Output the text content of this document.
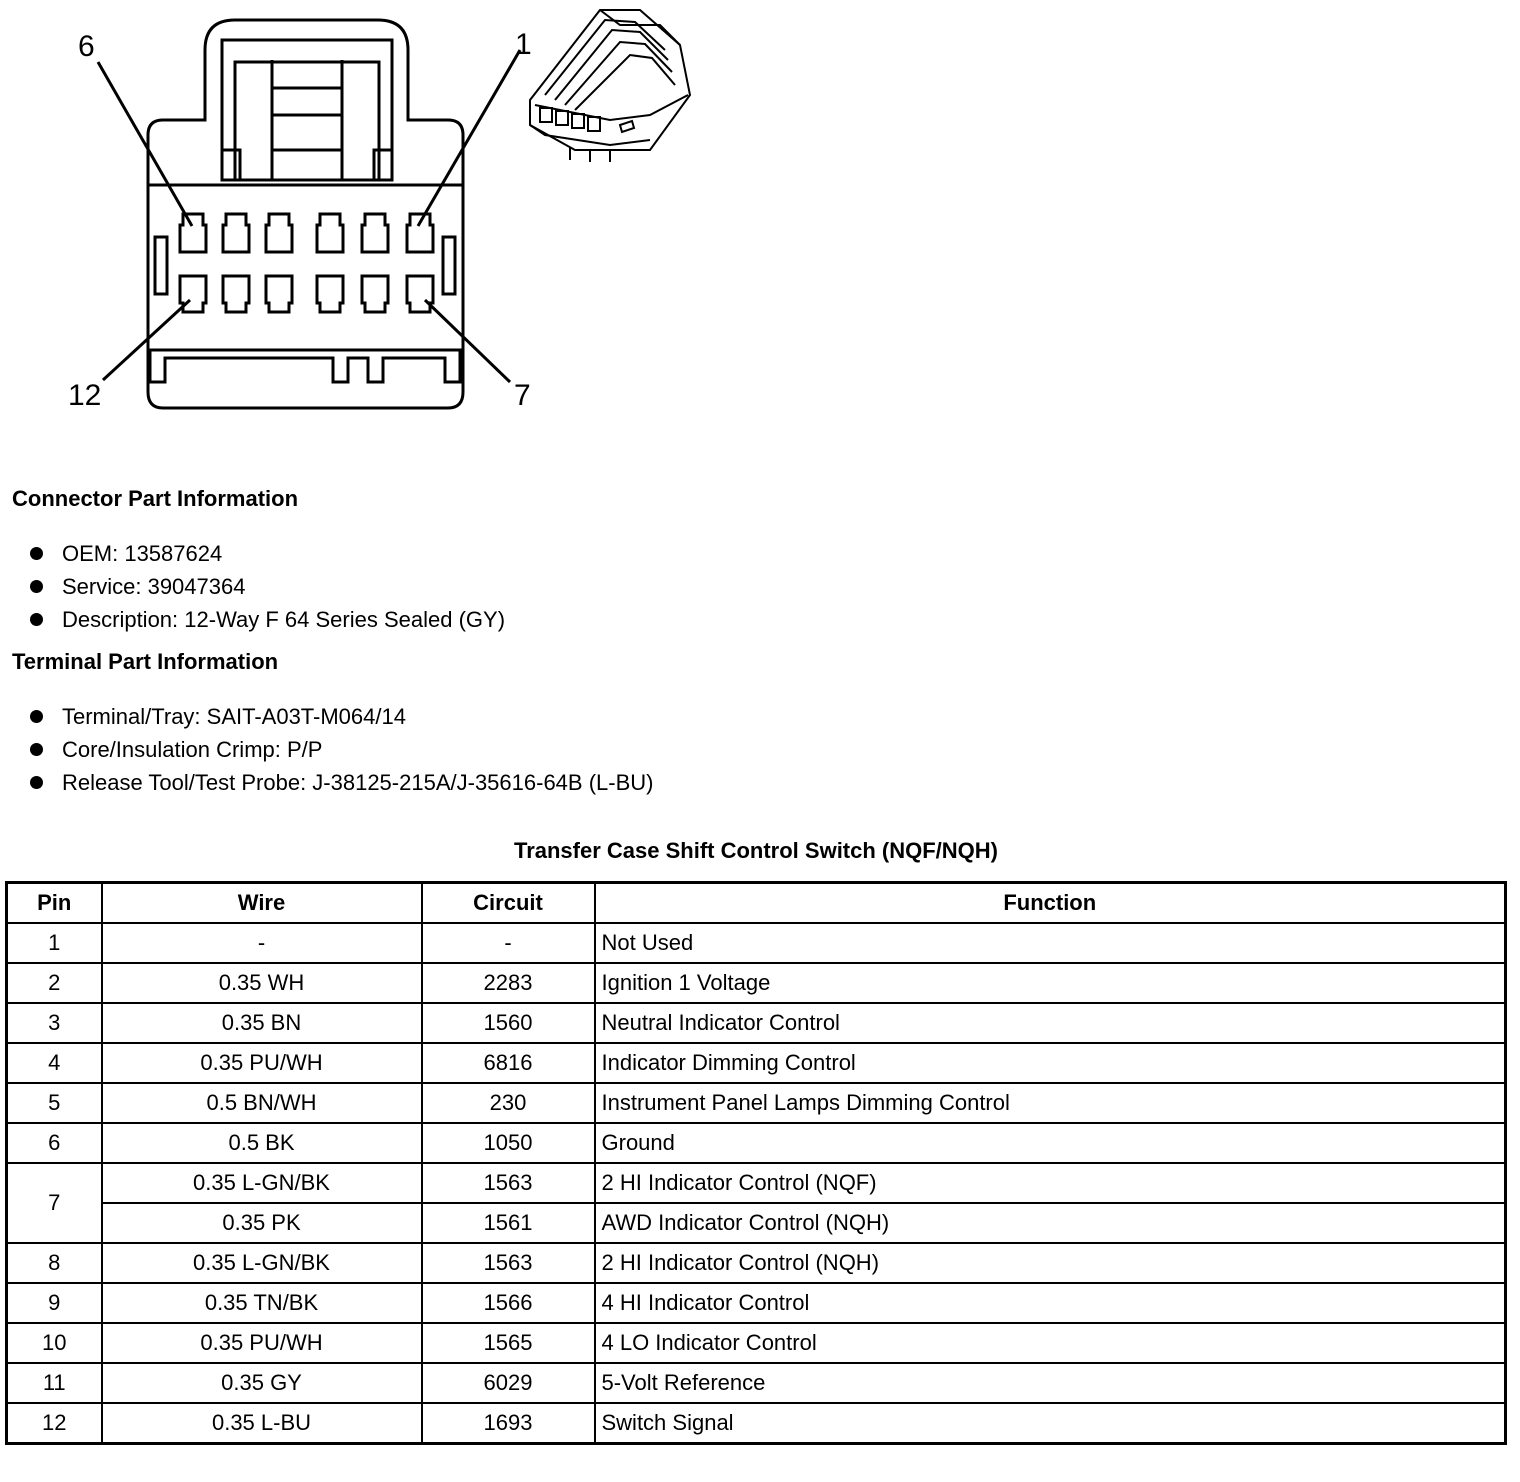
6	1
12	7
Connector Part Information
OEM: 13587624
Service: 39047364
Description: 12-Way F 64 Series Sealed (GY)
Terminal Part Information
Terminal/Tray: SAIT-A03T-M064/14
Core/Insulation Crimp: P/P
Release Tool/Test Probe: J-38125-215A/J-35616-64B (L-BU)
Transfer Case Shift Control Switch (NQF/NQH)
Pin	Wire	Circuit	Function
1	-	-	Not Used
2	0.35 WH	2283	Ignition 1 Voltage
3	0.35 BN	1560	Neutral Indicator Control
4	0.35 PU/WH	6816	Indicator Dimming Control
5	0.5 BN/WH	230	Instrument Panel Lamps Dimming Control
6	0.5 BK	1050	Ground
7	0.35 L-GN/BK	1563	2 HI Indicator Control (NQF)
	0.35 PK	1561	AWD Indicator Control (NQH)
8	0.35 L-GN/BK	1563	2 HI Indicator Control (NQH)
9	0.35 TN/BK	1566	4 HI Indicator Control
10	0.35 PU/WH	1565	4 LO Indicator Control
11	0.35 GY	6029	5-Volt Reference
12	0.35 L-BU	1693	Switch Signal
